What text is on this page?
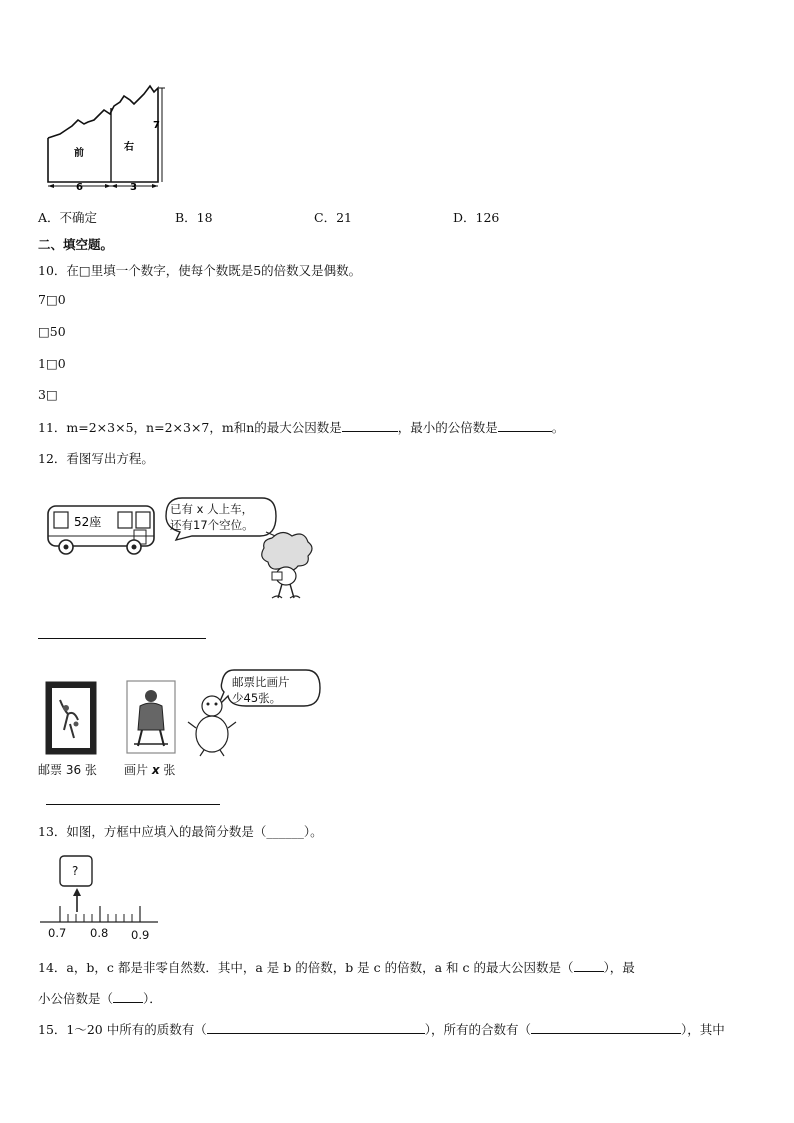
前
右
7
6	3
A．不确定	B．18	C．21	D．126
二、填空题。
10．在□里填一个数字，使每个数既是5的倍数又是偶数。
7□0
□50
1□0
3□
11．m=2×3×5，n=2×3×7，m和n的最大公因数是	，最小的公倍数是	。
12．看图写出方程。
52座
已有 x 人上车，
还有17个空位。
邮票比画片
少45张。
邮票 36 张 画片 x 张
13．如图，方框中应填入的最简分数是（______）。
?
0.7 0.8 0.9
14．a，b，c 都是非零自然数．其中，a 是 b 的倍数，b 是 c 的倍数，a 和 c 的最大公因数是（ ），最
小公倍数是（ ）．
15．1～20 中所有的质数有（	），所有的合数有（	），其中
